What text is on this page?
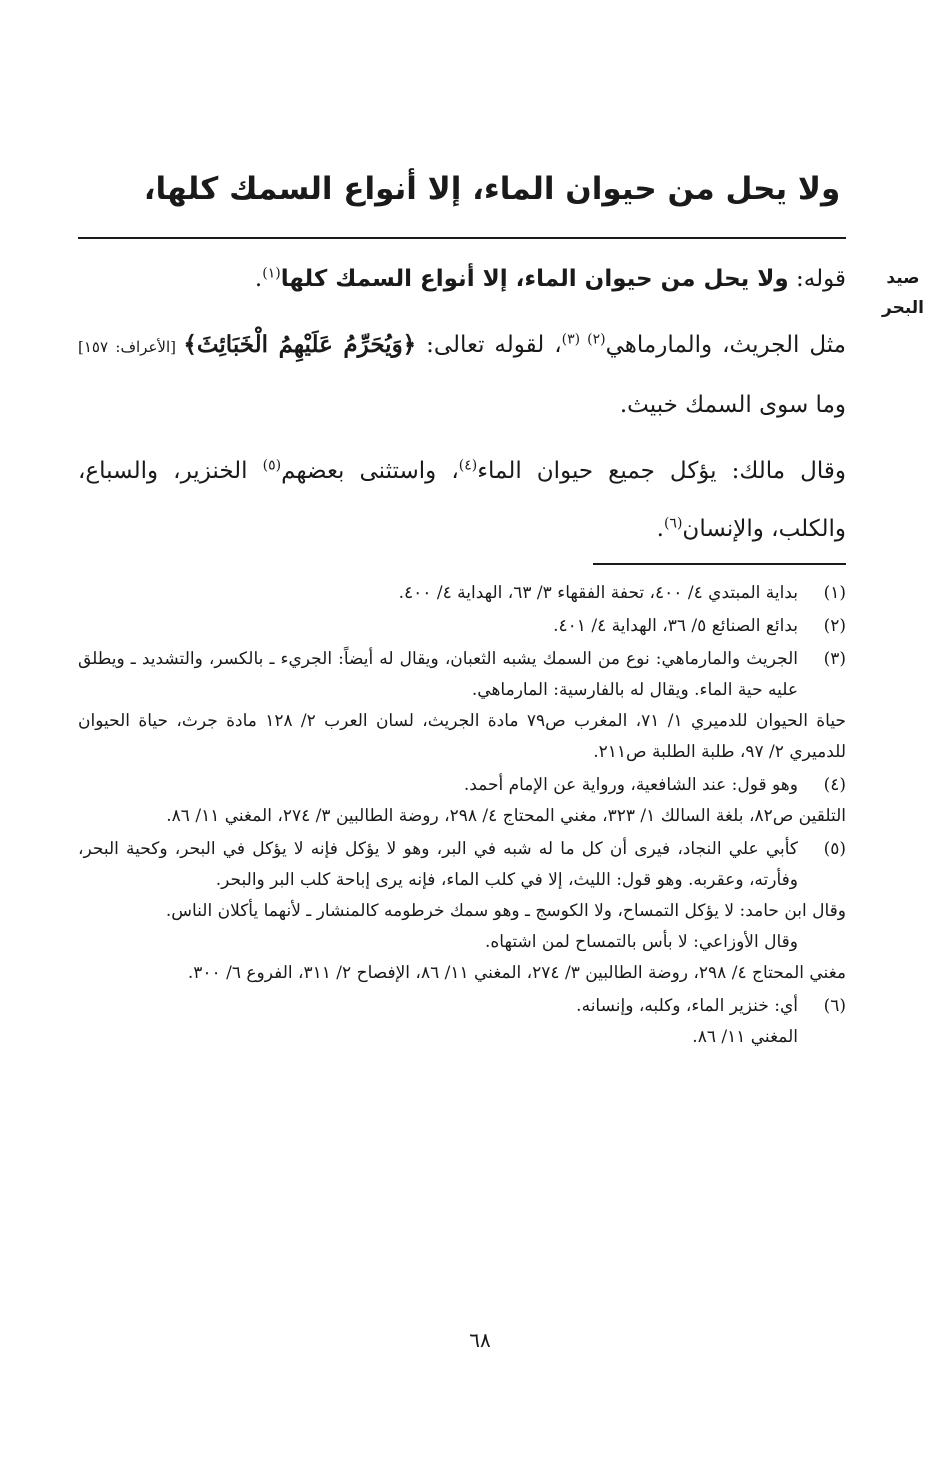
ولا يحل من حيوان الماء، إلا أنواع السمك كلها،
صيد
البحر

قوله: ولا يحل من حيوان الماء، إلا أنواع السمك كلها$^{(١)}$.

مثل الجريث، والمارماهي$^{(٢) (٣)}$، لقوله تعالى: ﴿وَيُحَرِّمُ عَلَيْهِمُ الْخَبَائِثَ﴾ [الأعراف: ١٥٧] وما سوى السمك خبيث.

وقال مالك: يؤكل جميع حيوان الماء$^{(٤)}$، واستثنى بعضهم$^{(٥)}$ الخنزير، والسباع، والكلب، والإنسان$^{(٦)}$.

(١)
بداية المبتدي ٤/ ٤٠٠، تحفة الفقهاء ٣/ ٦٣، الهداية ٤/ ٤٠٠.
(٢)
بدائع الصنائع ٥/ ٣٦، الهداية ٤/ ٤٠١.
(٣)
الجريث والمارماهي: نوع من السمك يشبه الثعبان، ويقال له أيضاً: الجريء ـ بالكسر، والتشديد ـ ويطلق عليه حية الماء. ويقال له بالفارسية: المارماهي.
حياة الحيوان للدميري ١/ ٧١، المغرب ص٧٩ مادة الجريث، لسان العرب ٢/ ١٢٨ مادة جرث، حياة الحيوان للدميري ٢/ ٩٧، طلبة الطلبة ص٢١١.
(٤)
وهو قول: عند الشافعية، ورواية عن الإمام أحمد.
التلقين ص٨٢، بلغة السالك ١/ ٣٢٣، مغني المحتاج ٤/ ٢٩٨، روضة الطالبين ٣/ ٢٧٤، المغني ١١/ ٨٦.
(٥)
كأبي علي النجاد، فيرى أن كل ما له شبه في البر، وهو لا يؤكل فإنه لا يؤكل في البحر، وكحية البحر، وفأرته، وعقربه. وهو قول: الليث، إلا في كلب الماء، فإنه يرى إباحة كلب البر والبحر.
وقال ابن حامد: لا يؤكل التمساح، ولا الكوسج ـ وهو سمك خرطومه كالمنشار ـ لأنهما يأكلان الناس.
وقال الأوزاعي: لا بأس بالتمساح لمن اشتهاه.
مغني المحتاج ٤/ ٢٩٨، روضة الطالبين ٣/ ٢٧٤، المغني ١١/ ٨٦، الإفصاح ٢/ ٣١١، الفروع ٦/ ٣٠٠.
(٦)
أي: خنزير الماء، وكلبه، وإنسانه.
المغني ١١/ ٨٦.
٦٨
